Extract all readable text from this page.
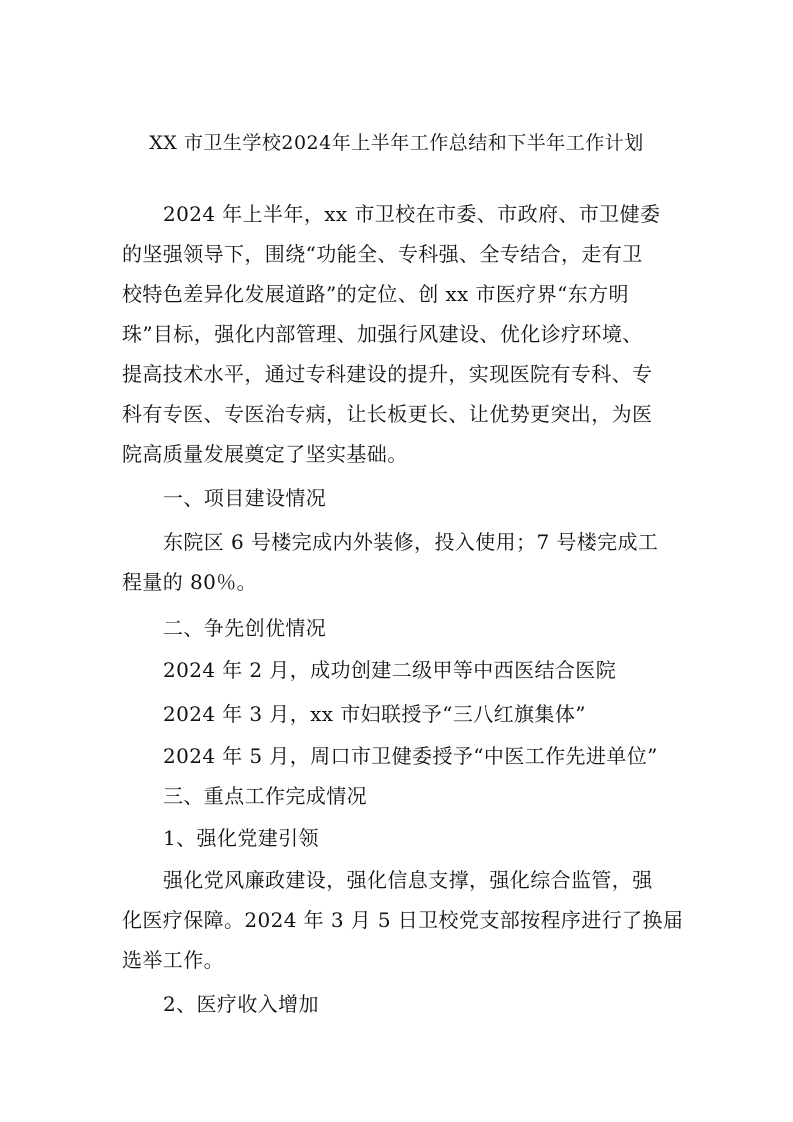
XX 市卫生学校2024年上半年工作总结和下半年工作计划
2024 年上半年，xx 市卫校在市委、市政府、市卫健委
的坚强领导下，围绕“功能全、专科强、全专结合，走有卫
校特色差异化发展道路”的定位、创 xx 市医疗界“东方明
珠”目标，强化内部管理、加强行风建设、优化诊疗环境、
提高技术水平，通过专科建设的提升，实现医院有专科、专
科有专医、专医治专病，让长板更长、让优势更突出，为医
院高质量发展奠定了坚实基础。
一、项目建设情况
东院区 6 号楼完成内外装修，投入使用；7 号楼完成工
程量的 80％。
二、争先创优情况
2024 年 2 月，成功创建二级甲等中西医结合医院
2024 年 3 月，xx 市妇联授予“三八红旗集体”
2024 年 5 月，周口市卫健委授予“中医工作先进单位”
三、重点工作完成情况
1、强化党建引领
强化党风廉政建设，强化信息支撑，强化综合监管，强
化医疗保障。2024 年 3 月 5 日卫校党支部按程序进行了换届
选举工作。
2、医疗收入增加
